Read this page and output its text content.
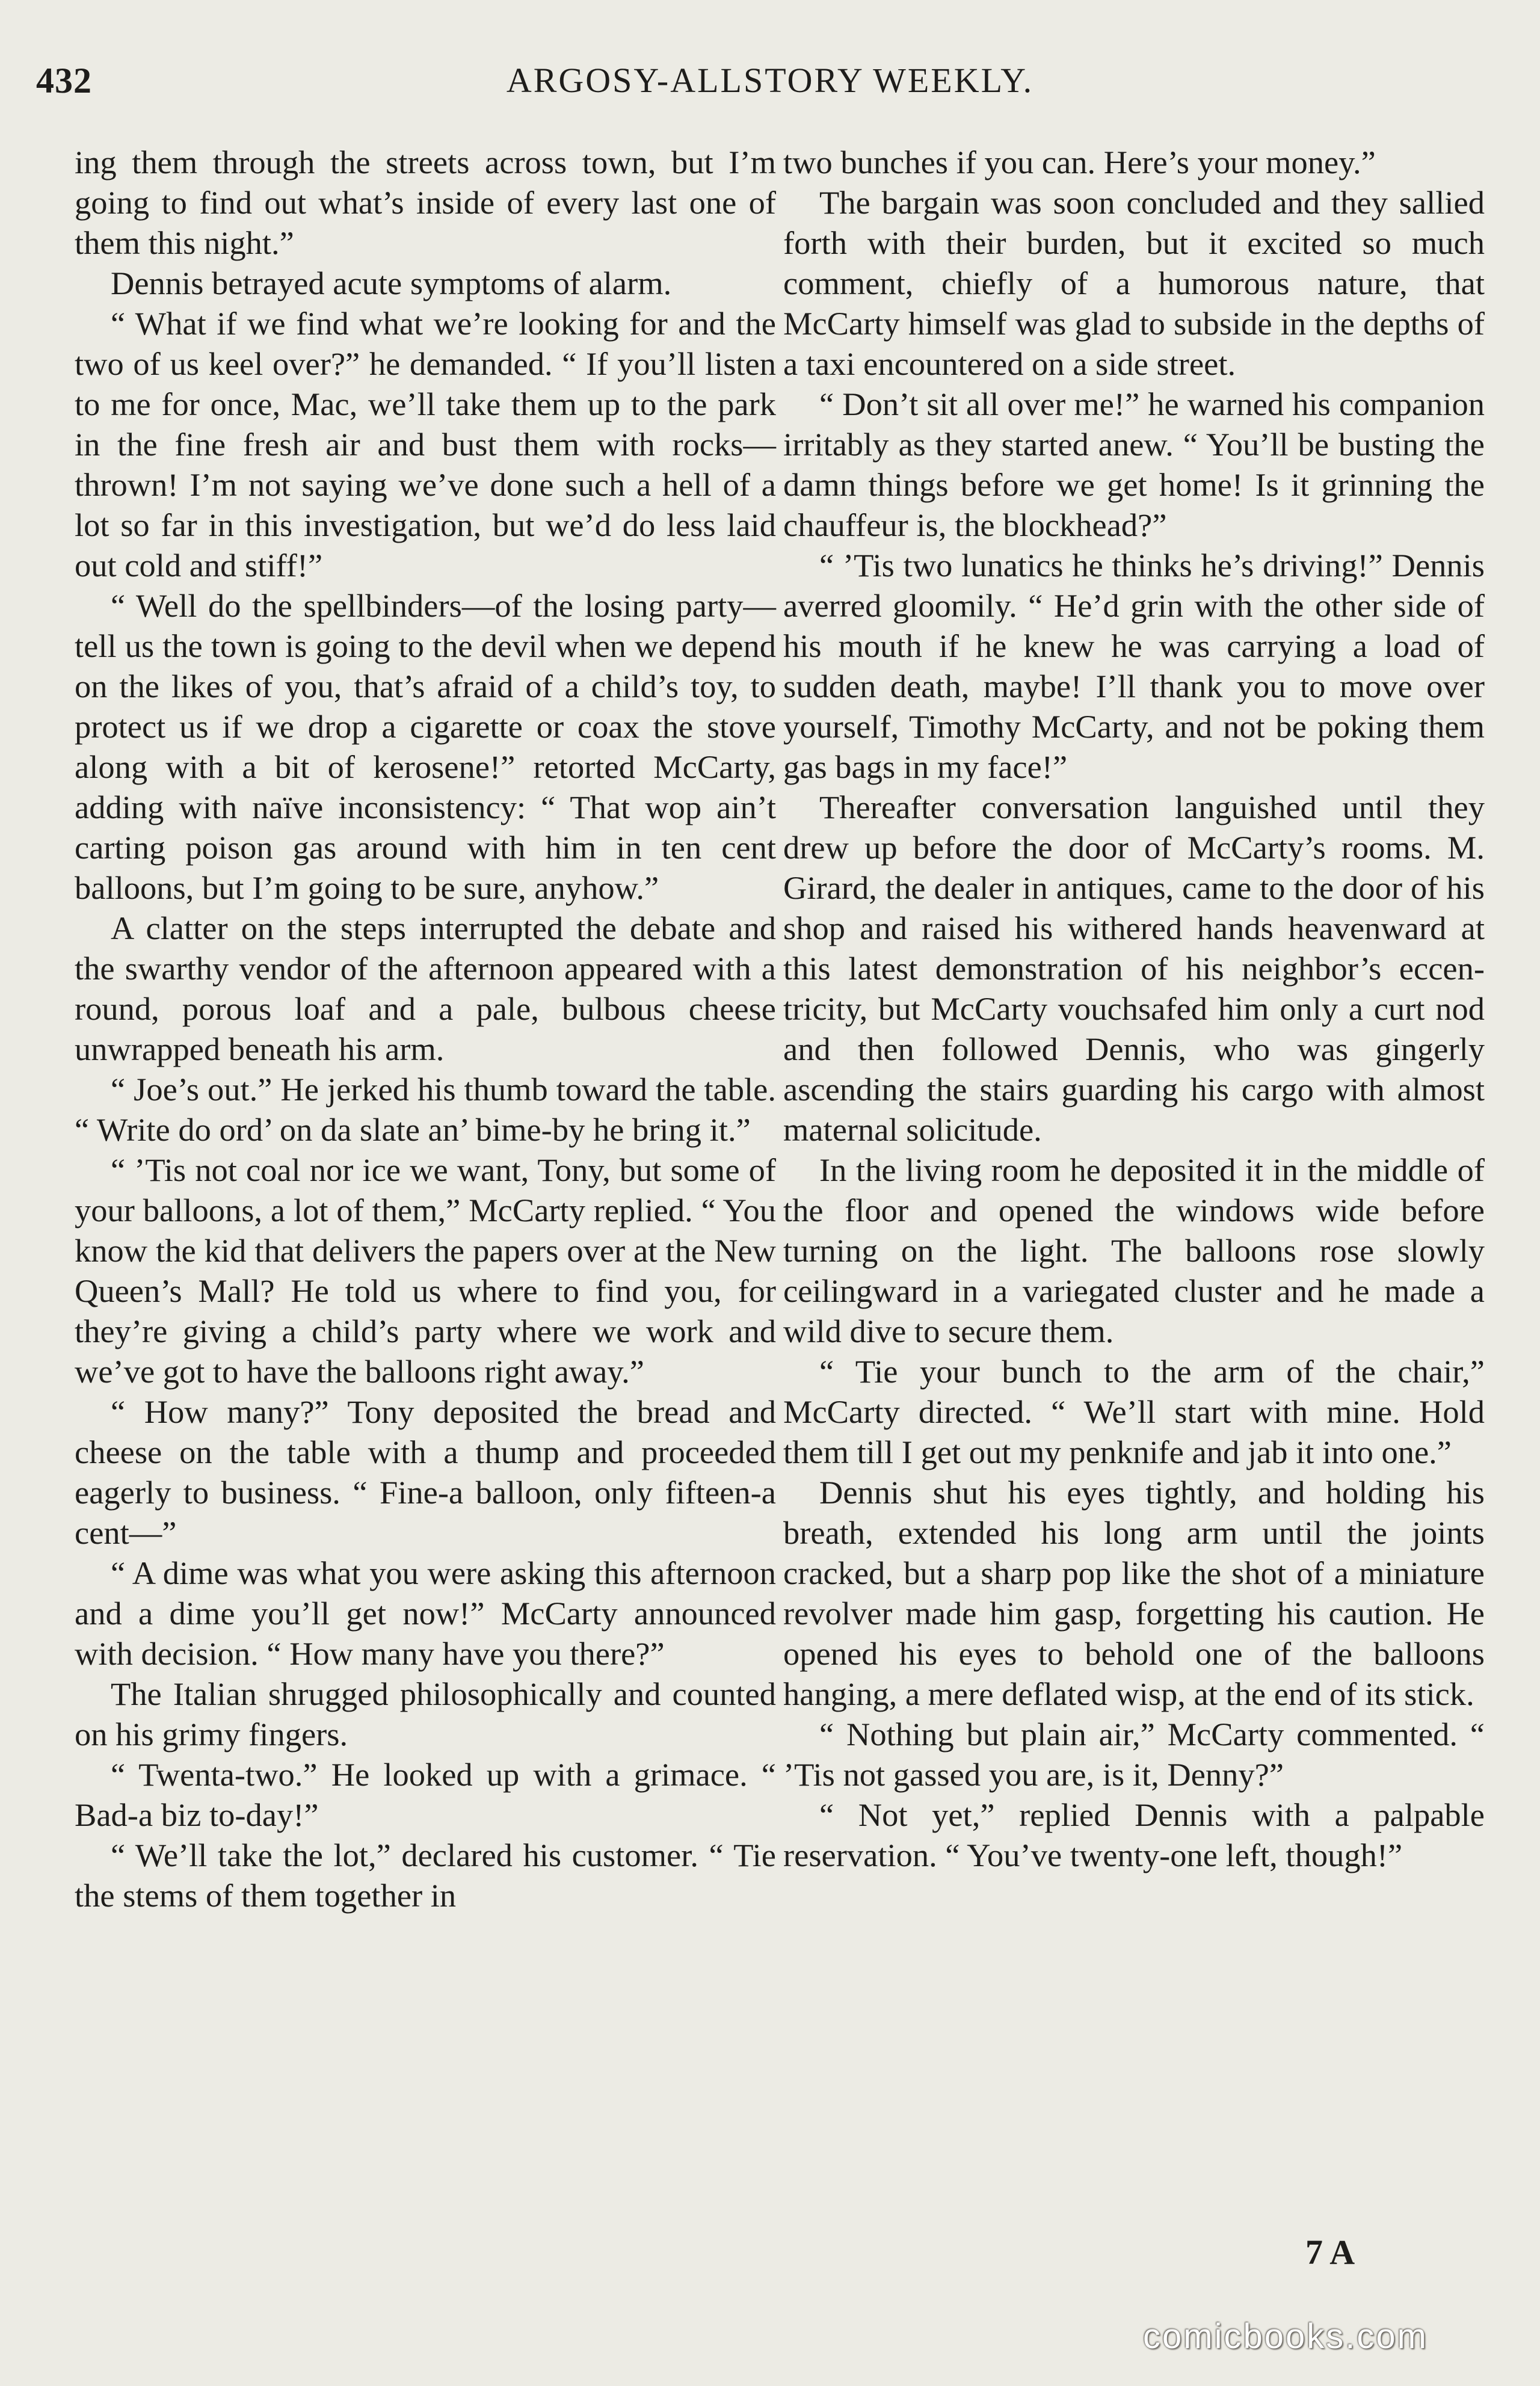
432	ARGOSY-ALLSTORY WEEKLY.

ing them through the streets across town, but I’m going to find out what’s inside of every last one of them this night.”

Dennis betrayed acute symptoms of alarm.

“ What if we find what we’re looking for and the two of us keel over?” he demanded. “ If you’ll listen to me for once, Mac, we’ll take them up to the park in the fine fresh air and bust them with rocks—thrown! I’m not saying we’ve done such a hell of a lot so far in this investigation, but we’d do less laid out cold and stiff!”

“ Well do the spellbinders—of the losing party—tell us the town is going to the devil when we depend on the likes of you, that’s afraid of a child’s toy, to protect us if we drop a cigarette or coax the stove along with a bit of kerosene!” retorted McCarty, adding with naïve inconsistency: “ That wop ain’t carting poison gas around with him in ten cent balloons, but I’m going to be sure, anyhow.”

A clatter on the steps interrupted the debate and the swarthy vendor of the afternoon appeared with a round, porous loaf and a pale, bulbous cheese unwrapped beneath his arm.

“ Joe’s out.” He jerked his thumb toward the table. “ Write do ord’ on da slate an’ bime-by he bring it.”

“ ’Tis not coal nor ice we want, Tony, but some of your balloons, a lot of them,” McCarty replied. “ You know the kid that delivers the papers over at the New Queen’s Mall? He told us where to find you, for they’re giving a child’s party where we work and we’ve got to have the balloons right away.”

“ How many?” Tony deposited the bread and cheese on the table with a thump and proceeded eagerly to business. “ Fine-a balloon, only fifteen-a cent—”

“ A dime was what you were asking this afternoon and a dime you’ll get now!” McCarty announced with decision. “ How many have you there?”

The Italian shrugged philosophically and counted on his grimy fingers.

“ Twenta-two.” He looked up with a grimace. “ Bad-a biz to-day!”

“ We’ll take the lot,” declared his customer. “ Tie the stems of them together in

two bunches if you can. Here’s your money.”

The bargain was soon concluded and they sallied forth with their burden, but it excited so much comment, chiefly of a humorous nature, that McCarty himself was glad to subside in the depths of a taxi encountered on a side street.

“ Don’t sit all over me!” he warned his companion irritably as they started anew. “ You’ll be busting the damn things before we get home! Is it grinning the chauffeur is, the blockhead?”

“ ’Tis two lunatics he thinks he’s driving!” Dennis averred gloomily. “ He’d grin with the other side of his mouth if he knew he was carrying a load of sudden death, maybe! I’ll thank you to move over yourself, Timothy McCarty, and not be poking them gas bags in my face!”

Thereafter conversation languished until they drew up before the door of McCarty’s rooms. M. Girard, the dealer in antiques, came to the door of his shop and raised his withered hands heavenward at this latest demonstration of his neighbor’s eccentricity, but McCarty vouchsafed him only a curt nod and then followed Dennis, who was gingerly ascending the stairs guarding his cargo with almost maternal solicitude.

In the living room he deposited it in the middle of the floor and opened the windows wide before turning on the light. The balloons rose slowly ceilingward in a variegated cluster and he made a wild dive to secure them.

“ Tie your bunch to the arm of the chair,” McCarty directed. “ We’ll start with mine. Hold them till I get out my penknife and jab it into one.”

Dennis shut his eyes tightly, and holding his breath, extended his long arm until the joints cracked, but a sharp pop like the shot of a miniature revolver made him gasp, forgetting his caution. He opened his eyes to behold one of the balloons hanging, a mere deflated wisp, at the end of its stick.

“ Nothing but plain air,” McCarty commented. “ ’Tis not gassed you are, is it, Denny?”

“ Not yet,” replied Dennis with a palpable reservation. “ You’ve twenty-one left, though!”

7 A
comicbooks.com
